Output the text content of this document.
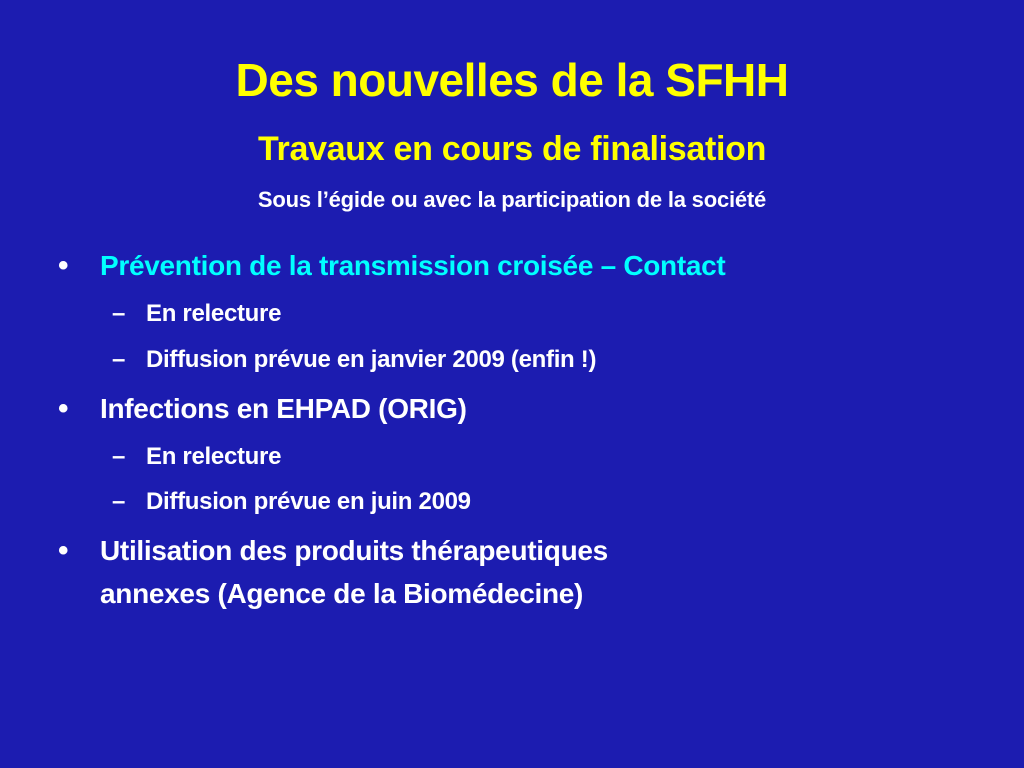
Des nouvelles de la SFHH
Travaux en cours de finalisation
Sous l’égide ou avec la participation de la société
• Prévention de la transmission croisée – Contact
– En relecture
– Diffusion prévue en janvier 2009 (enfin !)
• Infections en EHPAD (ORIG)
– En relecture
– Diffusion prévue en juin 2009
• Utilisation des produits thérapeutiques
annexes (Agence de la Biomédecine)
